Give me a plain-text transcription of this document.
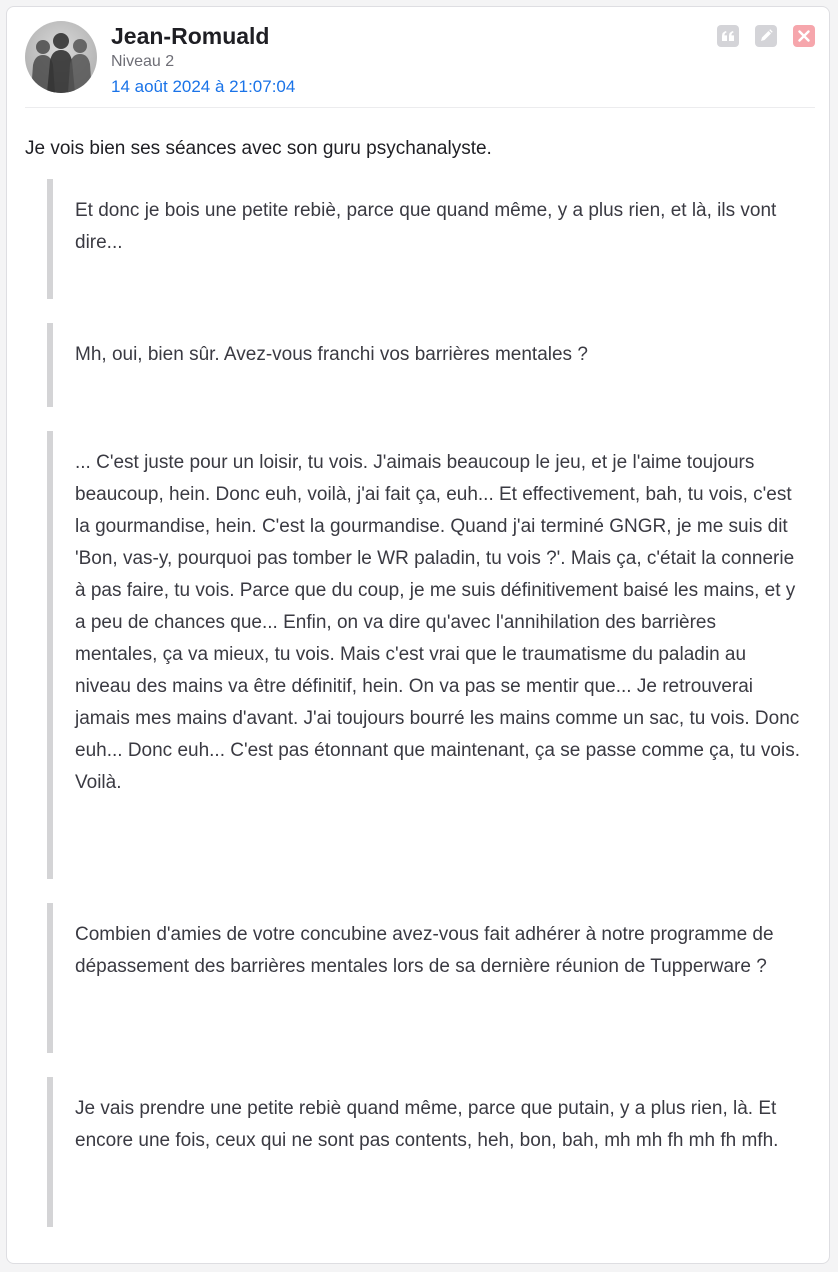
Jean-Romuald
Niveau 2
14 août 2024 à 21:07:04
Je vois bien ses séances avec son guru psychanalyste.

Et donc je bois une petite rebiè, parce que quand même, y a plus rien, et là, ils vont dire...

Mh, oui, bien sûr. Avez-vous franchi vos barrières mentales ?

... C'est juste pour un loisir, tu vois. J'aimais beaucoup le jeu, et je l'aime toujours beaucoup, hein. Donc euh, voilà, j'ai fait ça, euh... Et effectivement, bah, tu vois, c'est la gourmandise, hein. C'est la gourmandise. Quand j'ai terminé GNGR, je me suis dit 'Bon, vas-y, pourquoi pas tomber le WR paladin, tu vois ?'. Mais ça, c'était la connerie à pas faire, tu vois. Parce que du coup, je me suis définitivement baisé les mains, et y a peu de chances que... Enfin, on va dire qu'avec l'annihilation des barrières mentales, ça va mieux, tu vois. Mais c'est vrai que le traumatisme du paladin au niveau des mains va être définitif, hein. On va pas se mentir que... Je retrouverai jamais mes mains d'avant. J'ai toujours bourré les mains comme un sac, tu vois. Donc euh... Donc euh... C'est pas étonnant que maintenant, ça se passe comme ça, tu vois. Voilà.

Combien d'amies de votre concubine avez-vous fait adhérer à notre programme de dépassement des barrières mentales lors de sa dernière réunion de Tupperware ?

Je vais prendre une petite rebiè quand même, parce que putain, y a plus rien, là. Et encore une fois, ceux qui ne sont pas contents, heh, bon, bah, mh mh fh mh fh mfh.
